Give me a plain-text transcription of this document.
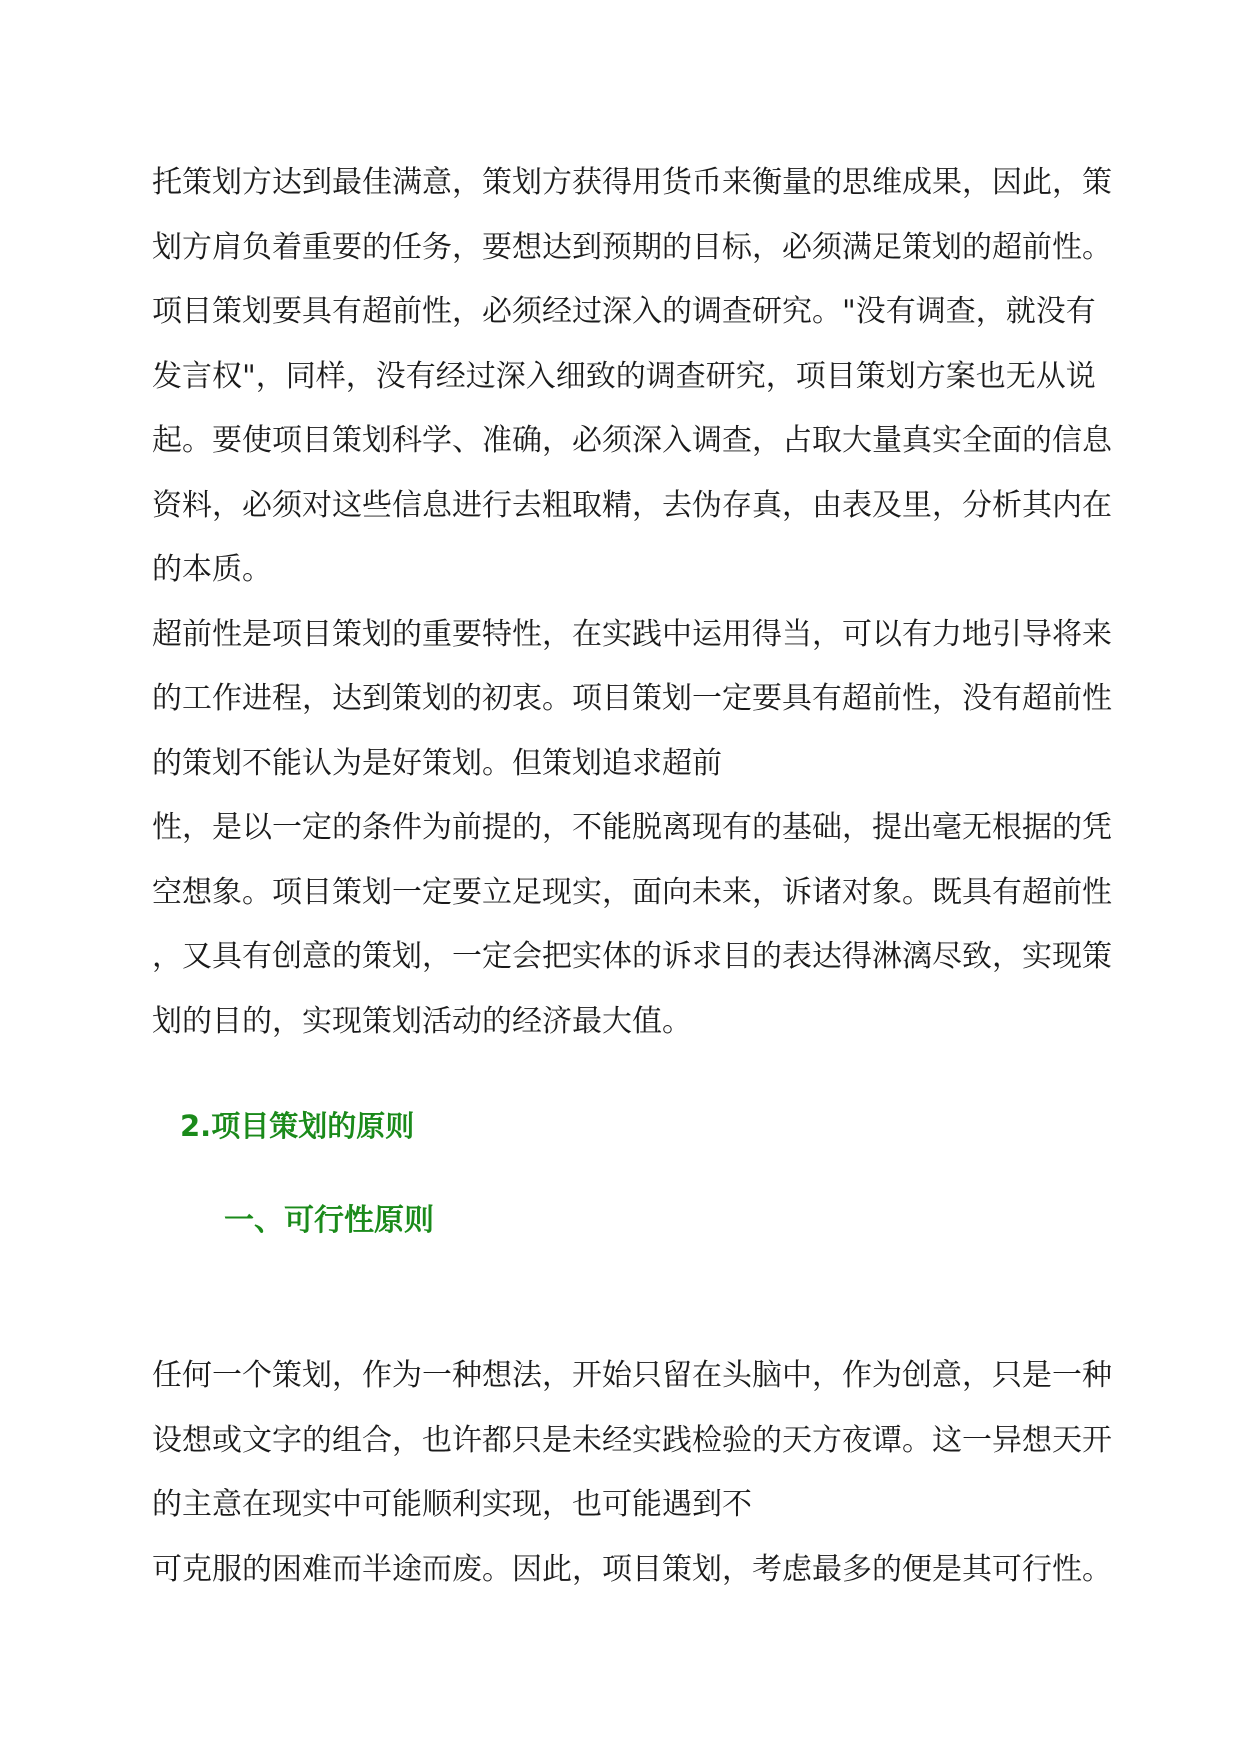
托策划方达到最佳满意，策划方获得用货币来衡量的思维成果，因此，策
划方肩负着重要的任务，要想达到预期的目标，必须满足策划的超前性。
项目策划要具有超前性，必须经过深入的调查研究。"没有调查，就没有
发言权"，同样，没有经过深入细致的调查研究，项目策划方案也无从说
起。要使项目策划科学、准确，必须深入调查，占取大量真实全面的信息
资料，必须对这些信息进行去粗取精，去伪存真，由表及里，分析其内在
的本质。
超前性是项目策划的重要特性，在实践中运用得当，可以有力地引导将来
的工作进程，达到策划的初衷。项目策划一定要具有超前性，没有超前性
的策划不能认为是好策划。但策划追求超前
性，是以一定的条件为前提的，不能脱离现有的基础，提出毫无根据的凭
空想象。项目策划一定要立足现实，面向未来，诉诸对象。既具有超前性
，又具有创意的策划，一定会把实体的诉求目的表达得淋漓尽致，实现策
划的目的，实现策划活动的经济最大值。
2.项目策划的原则
一、可行性原则
任何一个策划，作为一种想法，开始只留在头脑中，作为创意，只是一种
设想或文字的组合，也许都只是未经实践检验的天方夜谭。这一异想天开
的主意在现实中可能顺利实现，也可能遇到不
可克服的困难而半途而废。因此，项目策划，考虑最多的便是其可行性。
